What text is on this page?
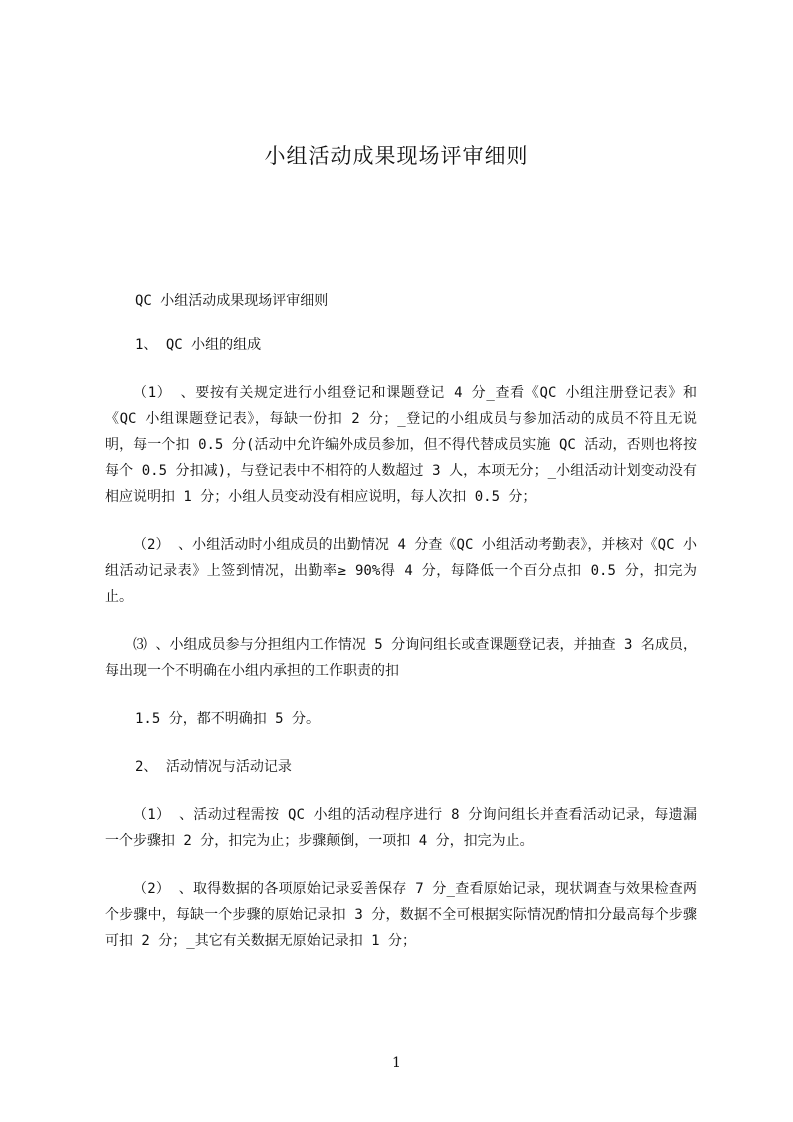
小组活动成果现场评审细则

QC 小组活动成果现场评审细则

1、 QC 小组的组成

（1） 、要按有关规定进行小组登记和课题登记 4 分_查看《QC 小组注册登记表》和《QC 小组课题登记表》，每缺一份扣 2 分；_登记的小组成员与参加活动的成员不符且无说明，每一个扣 0.5 分(活动中允许编外成员参加，但不得代替成员实施 QC 活动，否则也将按每个 0.5 分扣减)，与登记表中不相符的人数超过 3 人，本项无分；_小组活动计划变动没有相应说明扣 1 分；小组人员变动没有相应说明，每人次扣 0.5 分；

（2） 、小组活动时小组成员的出勤情况 4 分查《QC 小组活动考勤表》，并核对《QC 小组活动记录表》上签到情况，出勤率≥ 90%得 4 分，每降低一个百分点扣 0.5 分，扣完为止。

⑶ 、小组成员参与分担组内工作情况 5 分询问组长或查课题登记表，并抽查 3 名成员，每出现一个不明确在小组内承担的工作职责的扣

1.5 分，都不明确扣 5 分。

2、 活动情况与活动记录

（1） 、活动过程需按 QC 小组的活动程序进行 8 分询问组长并查看活动记录，每遗漏一个步骤扣 2 分，扣完为止；步骤颠倒，一项扣 4 分，扣完为止。

（2） 、取得数据的各项原始记录妥善保存 7 分_查看原始记录，现状调查与效果检查两个步骤中，每缺一个步骤的原始记录扣 3 分，数据不全可根据实际情况酌情扣分最高每个步骤可扣 2 分；_其它有关数据无原始记录扣 1 分；

1
